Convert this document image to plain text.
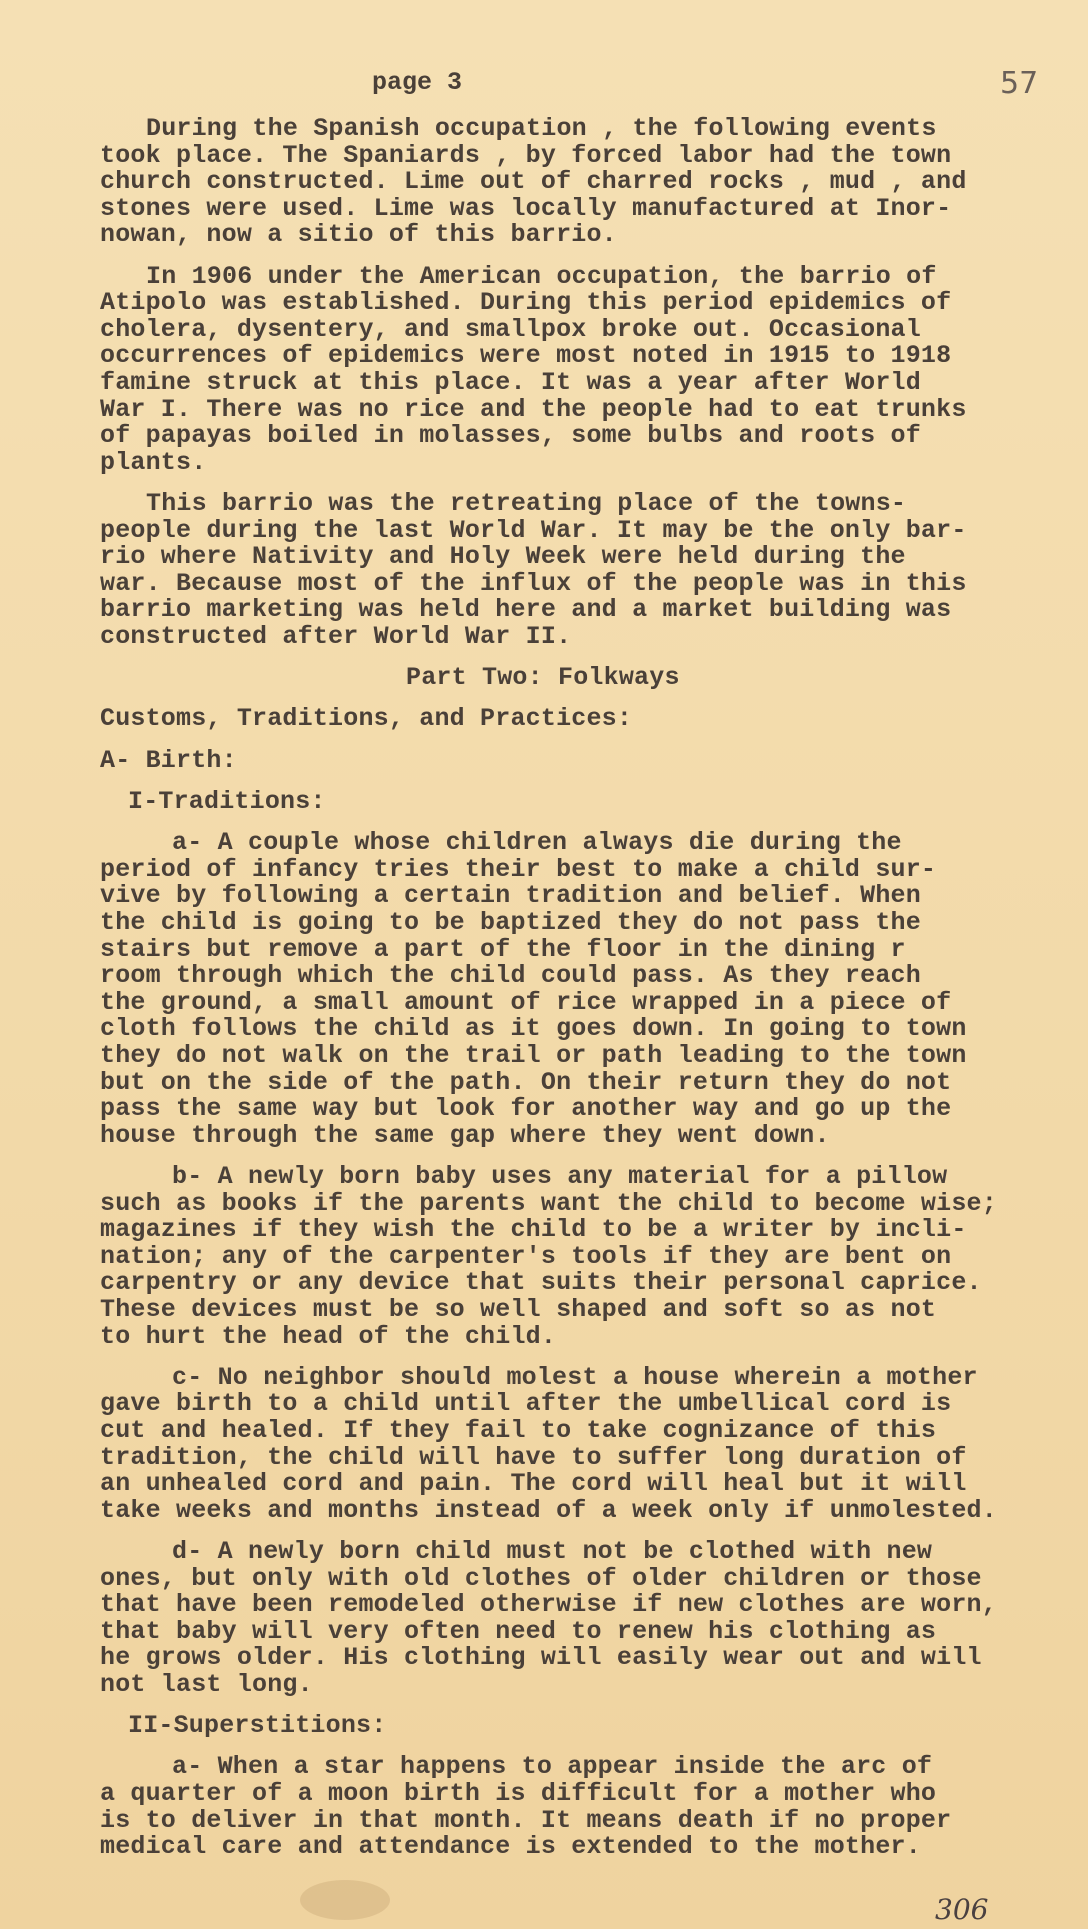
page 3	57
During the Spanish occupation , the following events
took place. The Spaniards , by forced labor had the town
church constructed. Lime out of charred rocks , mud , and
stones were used. Lime was locally manufactured at Inor-
nowan, now a sitio of this barrio.
In 1906 under the American occupation, the barrio of
Atipolo was established. During this period epidemics of
cholera, dysentery, and smallpox broke out. Occasional
occurrences of epidemics were most noted in 1915 to 1918
famine struck at this place. It was a year after World
War I. There was no rice and the people had to eat trunks
of papayas boiled in molasses, some bulbs and roots of
plants.
This barrio was the retreating place of the towns-
people during the last World War. It may be the only bar-
rio where Nativity and Holy Week were held during the
war. Because most of the influx of the people was in this
barrio marketing was held here and a market building was
constructed after World War II.
Part Two: Folkways
Customs, Traditions, and Practices:
A- Birth:
I-Traditions:
a- A couple whose children always die during the
period of infancy tries their best to make a child sur-
vive by following a certain tradition and belief. When
the child is going to be baptized they do not pass the
stairs but remove a part of the floor in the dining r
room through which the child could pass. As they reach
the ground, a small amount of rice wrapped in a piece of
cloth follows the child as it goes down. In going to town
they do not walk on the trail or path leading to the town
but on the side of the path. On their return they do not
pass the same way but look for another way and go up the
house through the same gap where they went down.
b- A newly born baby uses any material for a pillow
such as books if the parents want the child to become wise;
magazines if they wish the child to be a writer by incli-
nation; any of the carpenter's tools if they are bent on
carpentry or any device that suits their personal caprice.
These devices must be so well shaped and soft so as not
to hurt the head of the child.
c- No neighbor should molest a house wherein a mother
gave birth to a child until after the umbellical cord is
cut and healed. If they fail to take cognizance of this
tradition, the child will have to suffer long duration of
an unhealed cord and pain. The cord will heal but it will
take weeks and months instead of a week only if unmolested.
d- A newly born child must not be clothed with new
ones, but only with old clothes of older children or those
that have been remodeled otherwise if new clothes are worn,
that baby will very often need to renew his clothing as
he grows older. His clothing will easily wear out and will
not last long.
II-Superstitions:
a- When a star happens to appear inside the arc of
a quarter of a moon birth is difficult for a mother who
is to deliver in that month. It means death if no proper
medical care and attendance is extended to the mother.
306
